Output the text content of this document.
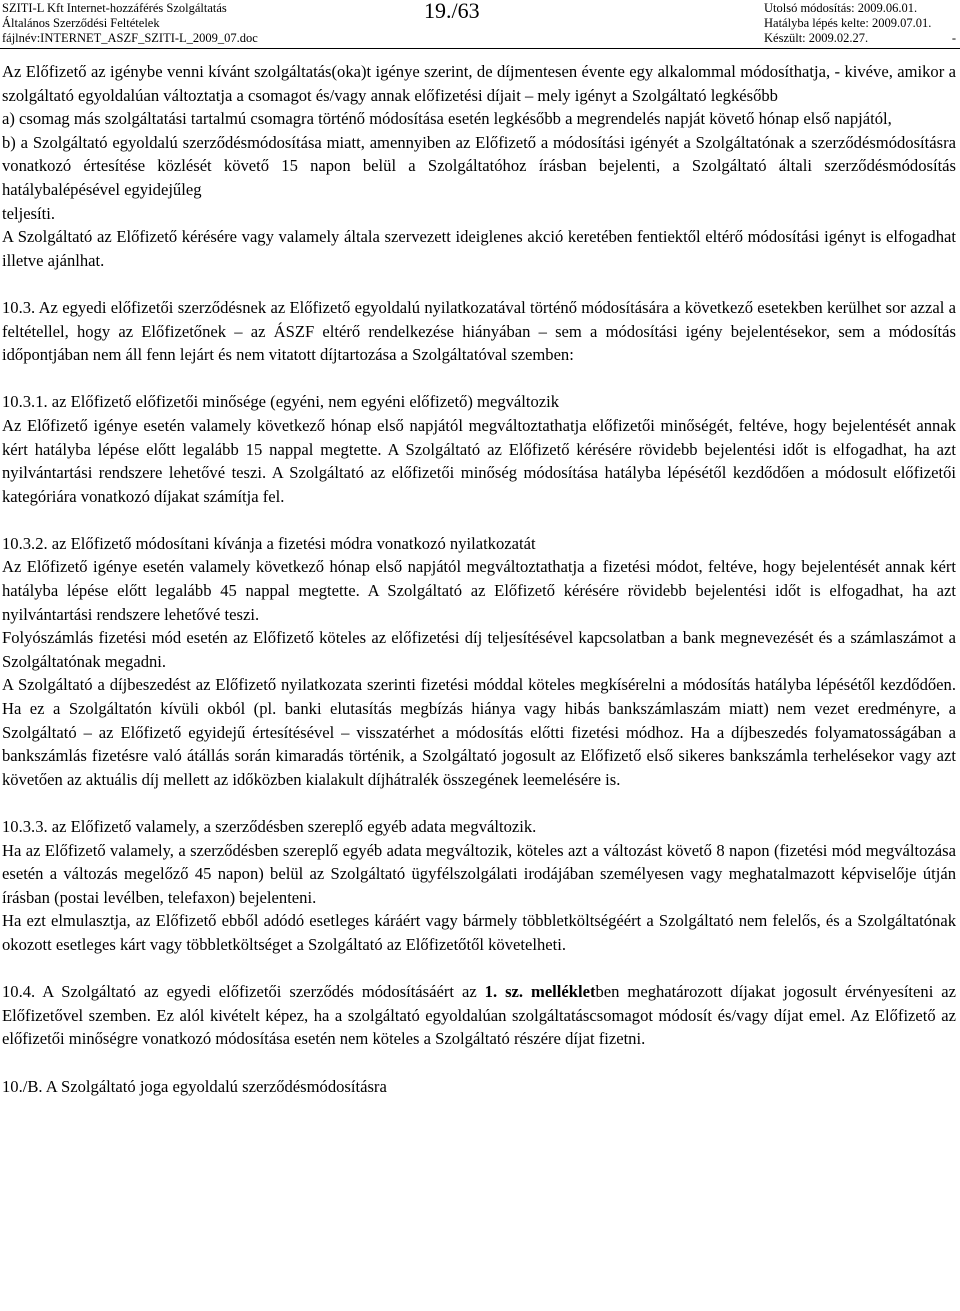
SZITI-L Kft Internet-hozzáférés Szolgáltatás
Általános Szerződési Feltételek
fájlnév:INTERNET_ASZF_SZITI-L_2009_07.doc
19./63	Utolsó módosítás: 2009.06.01.
Hatályba lépés kelte: 2009.07.01.
Készült: 2009.02.27.	-

Az Előfizető az igénybe venni kívánt szolgáltatás(oka)t igénye szerint, de díjmentesen évente egy alkalommal módosíthatja, - kivéve, amikor a szolgáltató egyoldalúan változtatja a csomagot és/vagy annak előfizetési díjait – mely igényt a Szolgáltató legkésőbb

a) csomag más szolgáltatási tartalmú csomagra történő módosítása esetén legkésőbb a megrendelés napját követő hónap első napjától,

b) a Szolgáltató egyoldalú szerződésmódosítása miatt, amennyiben az Előfizető a módosítási igényét a Szolgáltatónak a szerződésmódosításra vonatkozó értesítése közlését követő 15 napon belül a Szolgáltatóhoz írásban bejelenti, a Szolgáltató általi szerződésmódosítás hatálybalépésével egyidejűleg

teljesíti.

A Szolgáltató az Előfizető kérésére vagy valamely általa szervezett ideiglenes akció keretében fentiektől eltérő módosítási igényt is elfogadhat illetve ajánlhat.

10.3. Az egyedi előfizetői szerződésnek az Előfizető egyoldalú nyilatkozatával történő módosítására a következő esetekben kerülhet sor azzal a feltétellel, hogy az Előfizetőnek – az ÁSZF eltérő rendelkezése hiányában – sem a módosítási igény bejelentésekor, sem a módosítás időpontjában nem áll fenn lejárt és nem vitatott díjtartozása a Szolgáltatóval szemben:

10.3.1. az Előfizető előfizetői minősége (egyéni, nem egyéni előfizető) megváltozik

Az Előfizető igénye esetén valamely következő hónap első napjától megváltoztathatja előfizetői minőségét, feltéve, hogy bejelentését annak kért hatályba lépése előtt legalább 15 nappal megtette. A Szolgáltató az Előfizető kérésére rövidebb bejelentési időt is elfogadhat, ha azt nyilvántartási rendszere lehetővé teszi. A Szolgáltató az előfizetői minőség módosítása hatályba lépésétől kezdődően a módosult előfizetői kategóriára vonatkozó díjakat számítja fel.

10.3.2. az Előfizető módosítani kívánja a fizetési módra vonatkozó nyilatkozatát

Az Előfizető igénye esetén valamely következő hónap első napjától megváltoztathatja a fizetési módot, feltéve, hogy bejelentését annak kért hatályba lépése előtt legalább 45 nappal megtette. A Szolgáltató az Előfizető kérésére rövidebb bejelentési időt is elfogadhat, ha azt nyilvántartási rendszere lehetővé teszi.

Folyószámlás fizetési mód esetén az Előfizető köteles az előfizetési díj teljesítésével kapcsolatban a bank megnevezését és a számlaszámot a Szolgáltatónak megadni.

A Szolgáltató a díjbeszedést az Előfizető nyilatkozata szerinti fizetési móddal köteles megkísérelni a módosítás hatályba lépésétől kezdődően. Ha ez a Szolgáltatón kívüli okból (pl. banki elutasítás megbízás hiánya vagy hibás bankszámlaszám miatt) nem vezet eredményre, a Szolgáltató – az Előfizető egyidejű értesítésével – visszatérhet a módosítás előtti fizetési módhoz. Ha a díjbeszedés folyamatosságában a bankszámlás fizetésre való átállás során kimaradás történik, a Szolgáltató jogosult az Előfizető első sikeres bankszámla terhelésekor vagy azt követően az aktuális díj mellett az időközben kialakult díjhátralék összegének leemelésére is.

10.3.3. az Előfizető valamely, a szerződésben szereplő egyéb adata megváltozik.

Ha az Előfizető valamely, a szerződésben szereplő egyéb adata megváltozik, köteles azt a változást követő 8 napon (fizetési mód megváltozása esetén a változás megelőző 45 napon) belül az Szolgáltató ügyfélszolgálati irodájában személyesen vagy meghatalmazott képviselője útján írásban (postai levélben, telefaxon) bejelenteni.

Ha ezt elmulasztja, az Előfizető ebből adódó esetleges káráért vagy bármely többletköltségéért a Szolgáltató nem felelős, és a Szolgáltatónak okozott esetleges kárt vagy többletköltséget a Szolgáltató az Előfizetőtől követelheti.

10.4. A Szolgáltató az egyedi előfizetői szerződés módosításáért az 1. sz. mellékletben meghatározott díjakat jogosult érvényesíteni az Előfizetővel szemben. Ez alól kivételt képez, ha a szolgáltató egyoldalúan szolgáltatáscsomagot módosít és/vagy díjat emel. Az Előfizető az előfizetői minőségre vonatkozó módosítása esetén nem köteles a Szolgáltató részére díjat fizetni.

10./B. A Szolgáltató joga egyoldalú szerződésmódosításra
